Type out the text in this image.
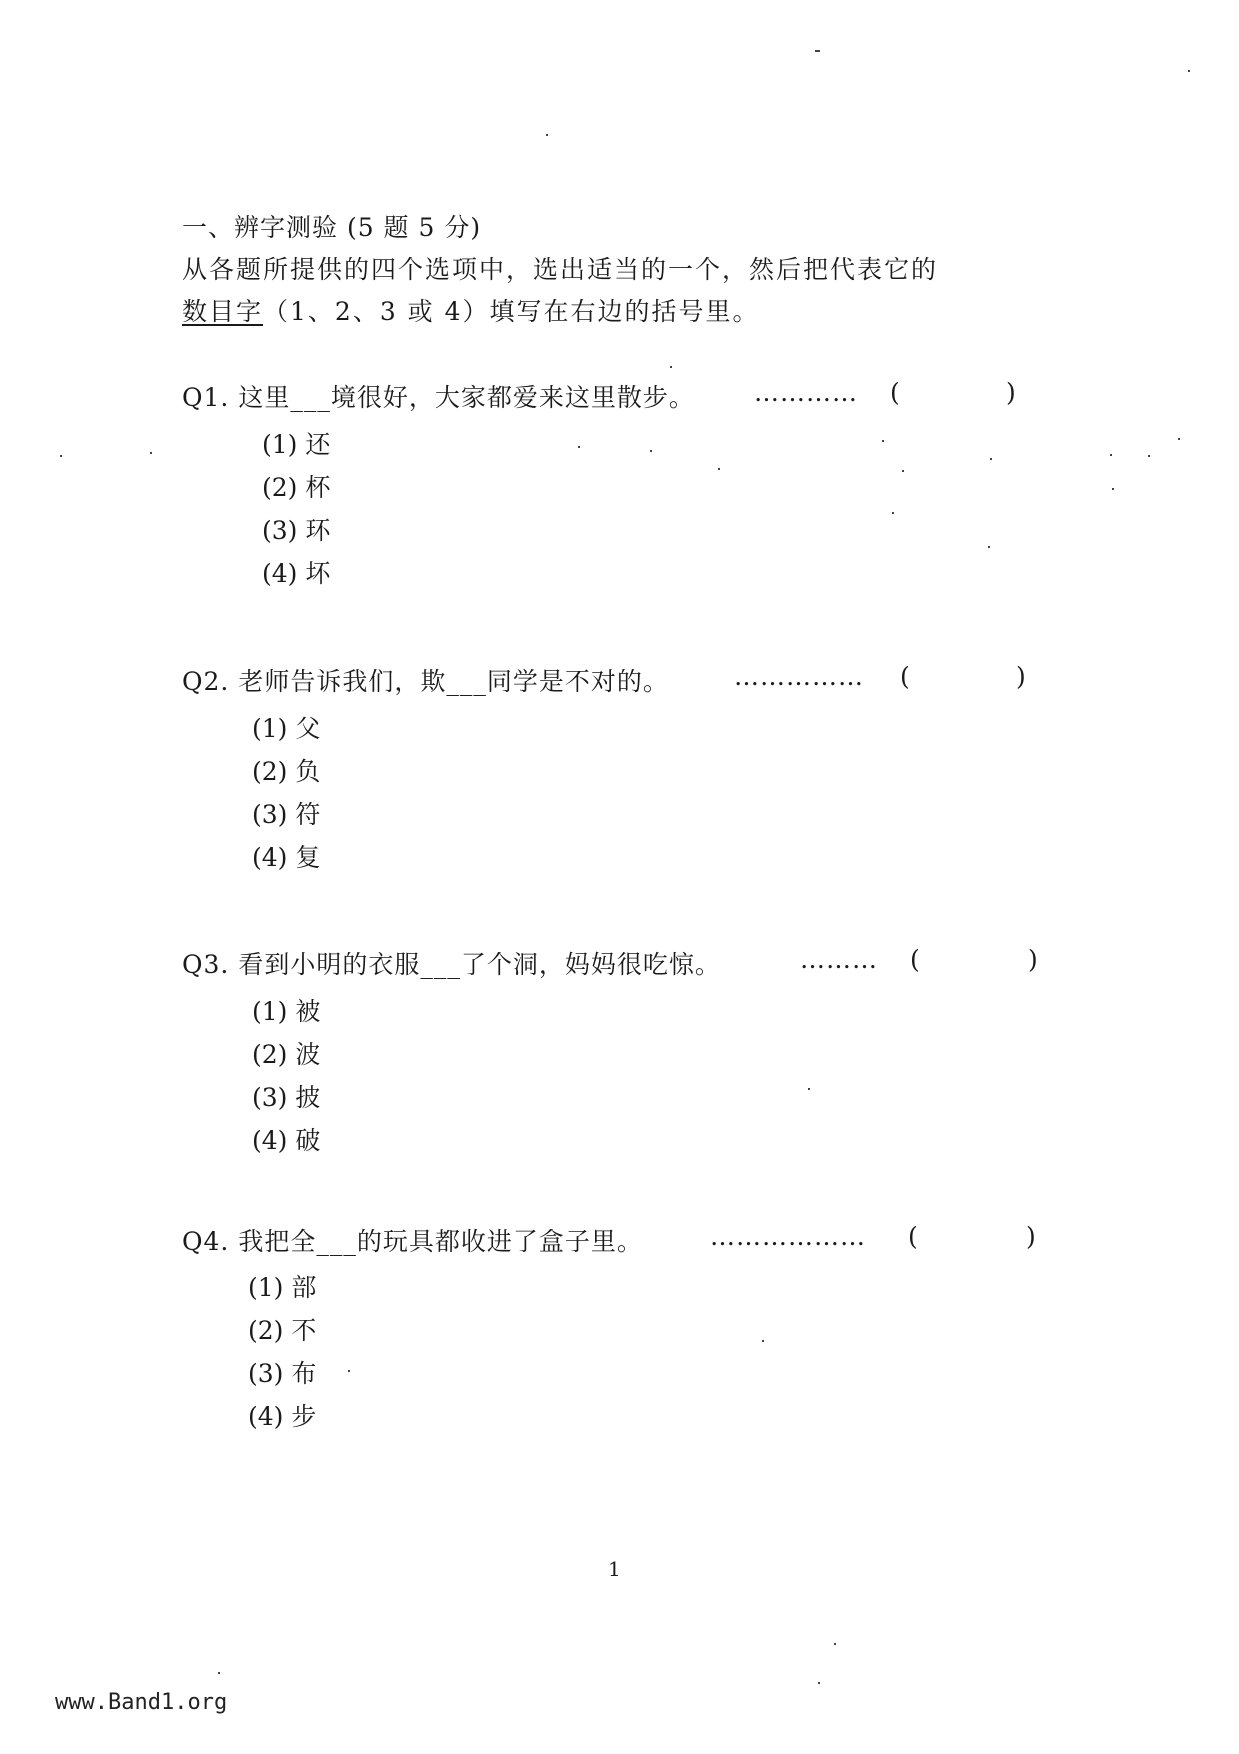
一、辨字测验 (5 题 5 分)
从各题所提供的四个选项中，选出适当的一个，然后把代表它的
数目字（1、2、3 或 4）填写在右边的括号里。
Q1. 这里___境很好，大家都爱来这里散步。 ………… (	)
(1) 还
(2) 杯
(3) 环
(4) 坏
Q2. 老师告诉我们，欺___同学是不对的。	…………… (	)
(1) 父
(2) 负
(3) 符
(4) 复
Q3. 看到小明的衣服___了个洞，妈妈很吃惊。	……… (	)
(1) 被
(2) 波
(3) 披
(4) 破
Q4. 我把全___的玩具都收进了盒子里。	……………… (	)
(1) 部
(2) 不
(3) 布
(4) 步
1
www.Band1.org
